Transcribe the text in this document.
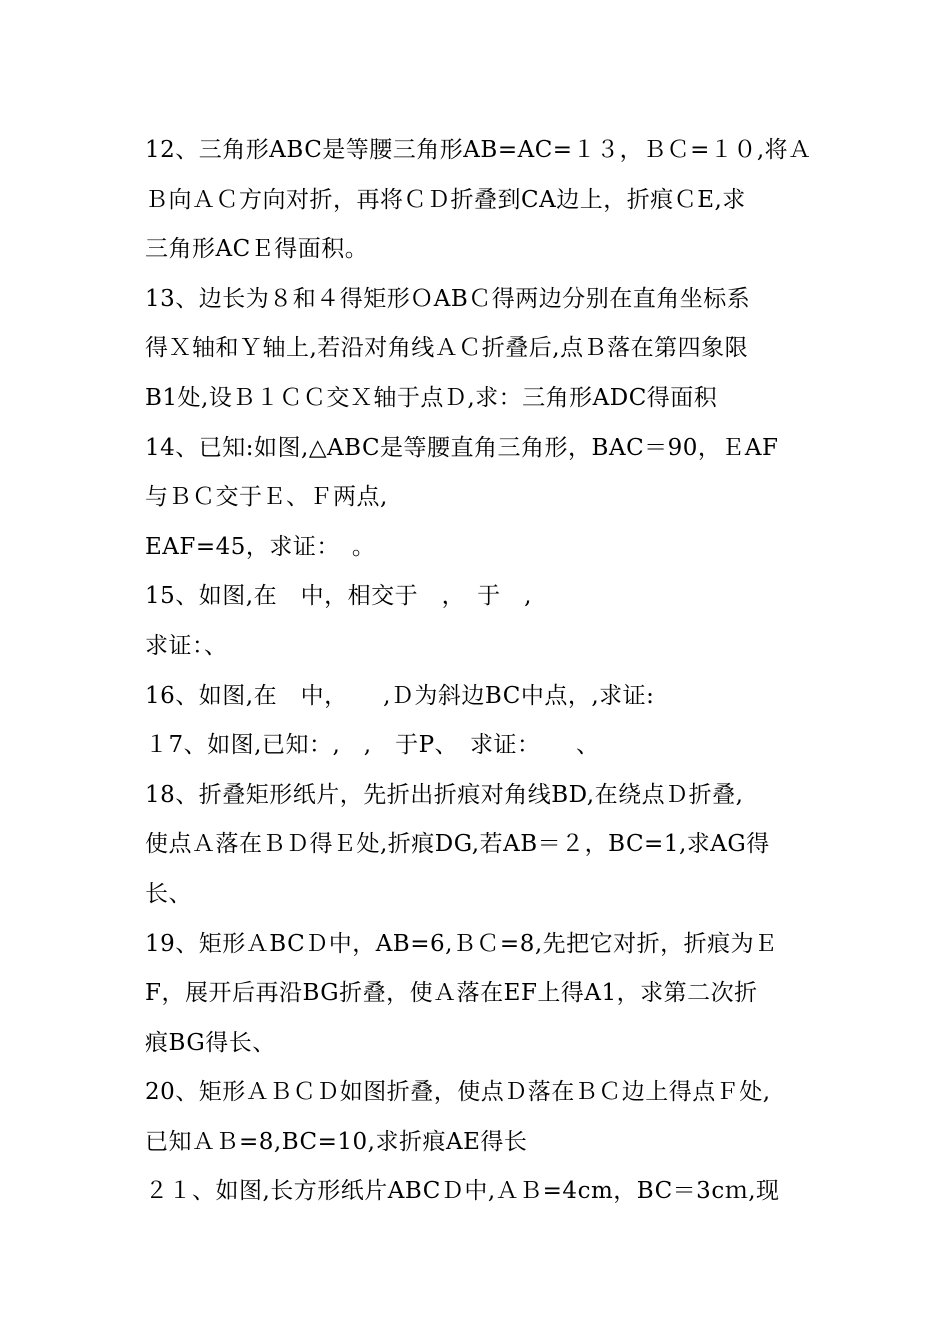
12、三角形ABC是等腰三角形AB=AC=１３，ＢＣ=１０,将Ａ
Ｂ向ＡＣ方向对折，再将ＣＤ折叠到CA边上，折痕ＣE,求
三角形ACＥ得面积。
13、边长为８和４得矩形ＯABＣ得两边分别在直角坐标系
得Ｘ轴和Ｙ轴上,若沿对角线ＡＣ折叠后,点Ｂ落在第四象限
B1处,设Ｂ１ＣＣ交Ｘ轴于点Ｄ,求：三角形ADC得面积
14、已知:如图,△ABC是等腰直角三角形，BAC＝90，ＥAF
与ＢＣ交于Ｅ、Ｆ两点,
EAF=45，求证：　。
15、如图,在　中，相交于　，　于　,
求证：、
16、如图,在　中，　　,Ｄ为斜边BC中点，,求证:
１7、如图,已知：,　,　于P、　求证：　　、
18、折叠矩形纸片，先折出折痕对角线BD,在绕点Ｄ折叠,
使点Ａ落在ＢＤ得Ｅ处,折痕DG,若AB＝２，BC=1,求AG得
长、
19、矩形ＡBCＤ中，AB=6,ＢＣ=8,先把它对折，折痕为Ｅ
F，展开后再沿BG折叠，使Ａ落在EF上得A1，求第二次折
痕BG得长、
20、矩形ＡＢＣＤ如图折叠，使点Ｄ落在ＢＣ边上得点Ｆ处,
已知ＡＢ=8,BC=10,求折痕AE得长
２１、如图,长方形纸片ABCＤ中,ＡＢ=4cm，BC＝3cｍ,现
